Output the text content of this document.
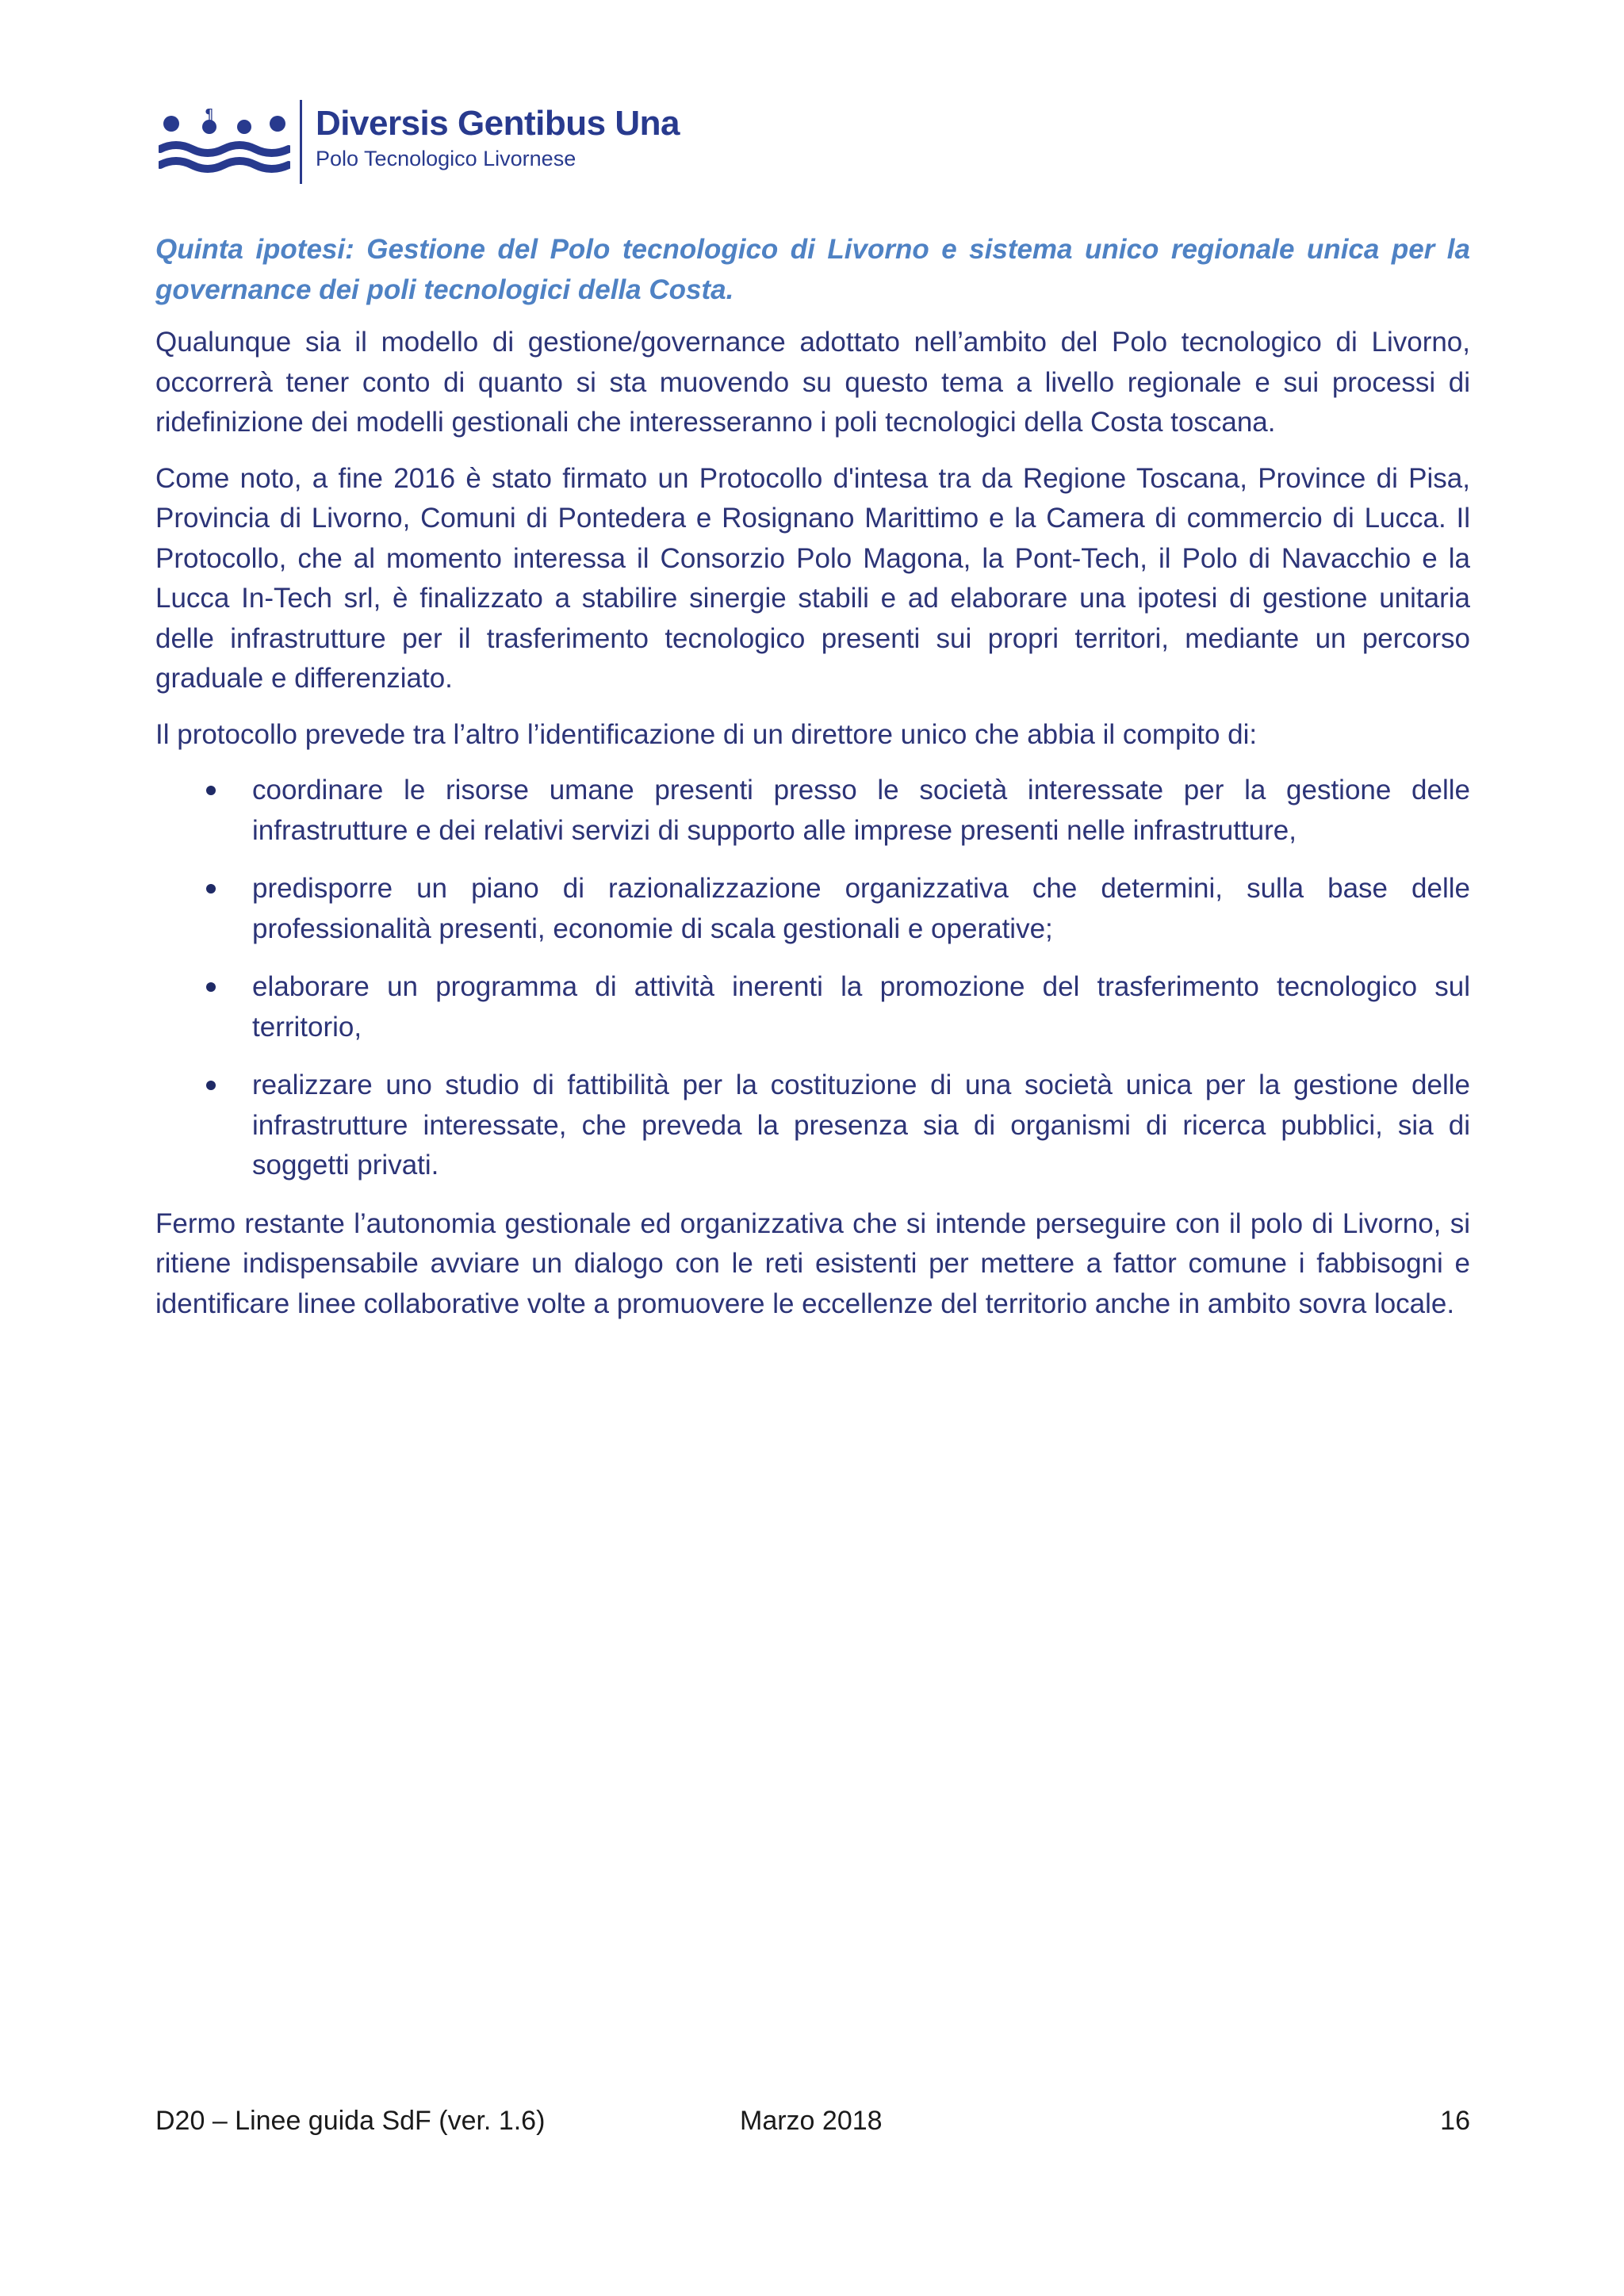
¶	Diversis Gentibus Una
Polo Tecnologico Livornese

Quinta ipotesi: Gestione del Polo tecnologico di Livorno e sistema unico regionale unica per la governance dei poli tecnologici della Costa.

Qualunque sia il modello di gestione/governance adottato nell’ambito del Polo tecnologico di Livorno, occorrerà tener conto di quanto si sta muovendo su questo tema a livello regionale e sui processi di ridefinizione dei modelli gestionali che interesseranno i poli tecnologici della Costa toscana.

Come noto, a fine 2016 è stato firmato un Protocollo d'intesa tra da Regione Toscana, Province di Pisa, Provincia di Livorno, Comuni di Pontedera e Rosignano Marittimo e la Camera di commercio di Lucca. Il Protocollo, che al momento interessa il Consorzio Polo Magona, la Pont-Tech, il Polo di Navacchio e la Lucca In-Tech srl, è finalizzato a stabilire sinergie stabili e ad elaborare una ipotesi di gestione unitaria delle infrastrutture per il trasferimento tecnologico presenti sui propri territori, mediante un percorso graduale e differenziato.

Il protocollo prevede tra l’altro l’identificazione di un direttore unico che abbia il compito di:

coordinare le risorse umane presenti presso le società interessate per la gestione delle infrastrutture e dei relativi servizi di supporto alle imprese presenti nelle infrastrutture,
predisporre un piano di razionalizzazione organizzativa che determini, sulla base delle professionalità presenti, economie di scala gestionali e operative;
elaborare un programma di attività inerenti la promozione del trasferimento tecnologico sul territorio,
realizzare uno studio di fattibilità per la costituzione di una società unica per la gestione delle infrastrutture interessate, che preveda la presenza sia di organismi di ricerca pubblici, sia di soggetti privati.

Fermo restante l’autonomia gestionale ed organizzativa che si intende perseguire con il polo di Livorno, si ritiene indispensabile avviare un dialogo con le reti esistenti per mettere a fattor comune i fabbisogni e identificare linee collaborative volte a promuovere le eccellenze del territorio anche in ambito sovra locale.

D20 – Linee guida SdF (ver. 1.6)	Marzo 2018	16
